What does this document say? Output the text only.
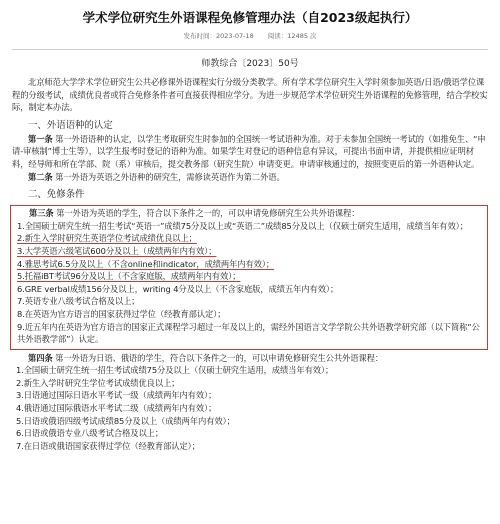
学术学位研究生外语课程免修管理办法（自2023级起执行）
发布时间：2023-07-18 阅读：12485 次
师教综合〔2023〕50号

北京师范大学学术学位研究生公共必修课外语课程实行分级分类教学。所有学术学位研究生入学时须参加英语/日语/俄语学位课程的分级考试，成绩优良者或符合免修条件者可直接获得相应学分。为进一步规范学术学位研究生外语课程的免修管理，结合学校实际，制定本办法。

一、外语语种的认定

第一条 第一外语语种的认定，以学生考取研究生时参加的全国统一考试语种为准。对于未参加全国统一考试的（如推免生、“申请-审核制”博士生等），以学生报考时登记的语种为准。如果学生对登记的语种信息有异议，可提出书面申请，并提供相应证明材料，经导师和所在学部、院（系）审核后，提交教务部（研究生院）申请变更。申请审核通过的，按照变更后的第一外语种认定。

第二条 第一外语为英语之外语种的研究生，需修读英语作为第二外语。

二、免修条件

第三条 第一外语为英语的学生，符合以下条件之一的，可以申请免修研究生公共外语课程：

1.全国硕士研究生统一招生考试“英语一”成绩75分及以上或“英语二”成绩85分及以上（仅硕士研究生适用，成绩当年有效）；

2.新生入学时研究生英语学位考试成绩优良以上；

3.大学英语六级笔试600分及以上（成绩两年内有效）；

4.雅思考试6.5分及以上（不含online和indicator，成绩两年内有效）；

5.托福iBT考试96分及以上（不含家庭版，成绩两年内有效）；

6.GRE verbal成绩156分及以上，writing 4分及以上（不含家庭版，成绩五年内有效）；

7.英语专业八级考试合格及以上；

8.在英语为官方语言的国家获得过学位（经教育部认定）；

9.近五年内在英语为官方语言的国家正式课程学习超过一年及以上的，需经外国语言文学学院公共外语教学研究部（以下简称“公共外语教学部”）认定。

第四条 第一外语为日语、俄语的学生，符合以下条件之一的，可以申请免修研究生公共外语课程：

1.全国硕士研究生统一招生考试成绩75分及以上（仅硕士研究生适用，成绩当年有效）；

2.新生入学时研究生学位考试成绩优良以上；

3.日语通过国际日语水平考试一级（成绩两年内有效）；

4.俄语通过国际俄语水平考试二级（成绩两年内有效）；

5.日语或俄语四级考试成绩85分及以上（成绩两年内有效）；

6.日语或俄语专业八级考试合格及以上；

7.在日语或俄语国家获得过学位（经教育部认定）；
